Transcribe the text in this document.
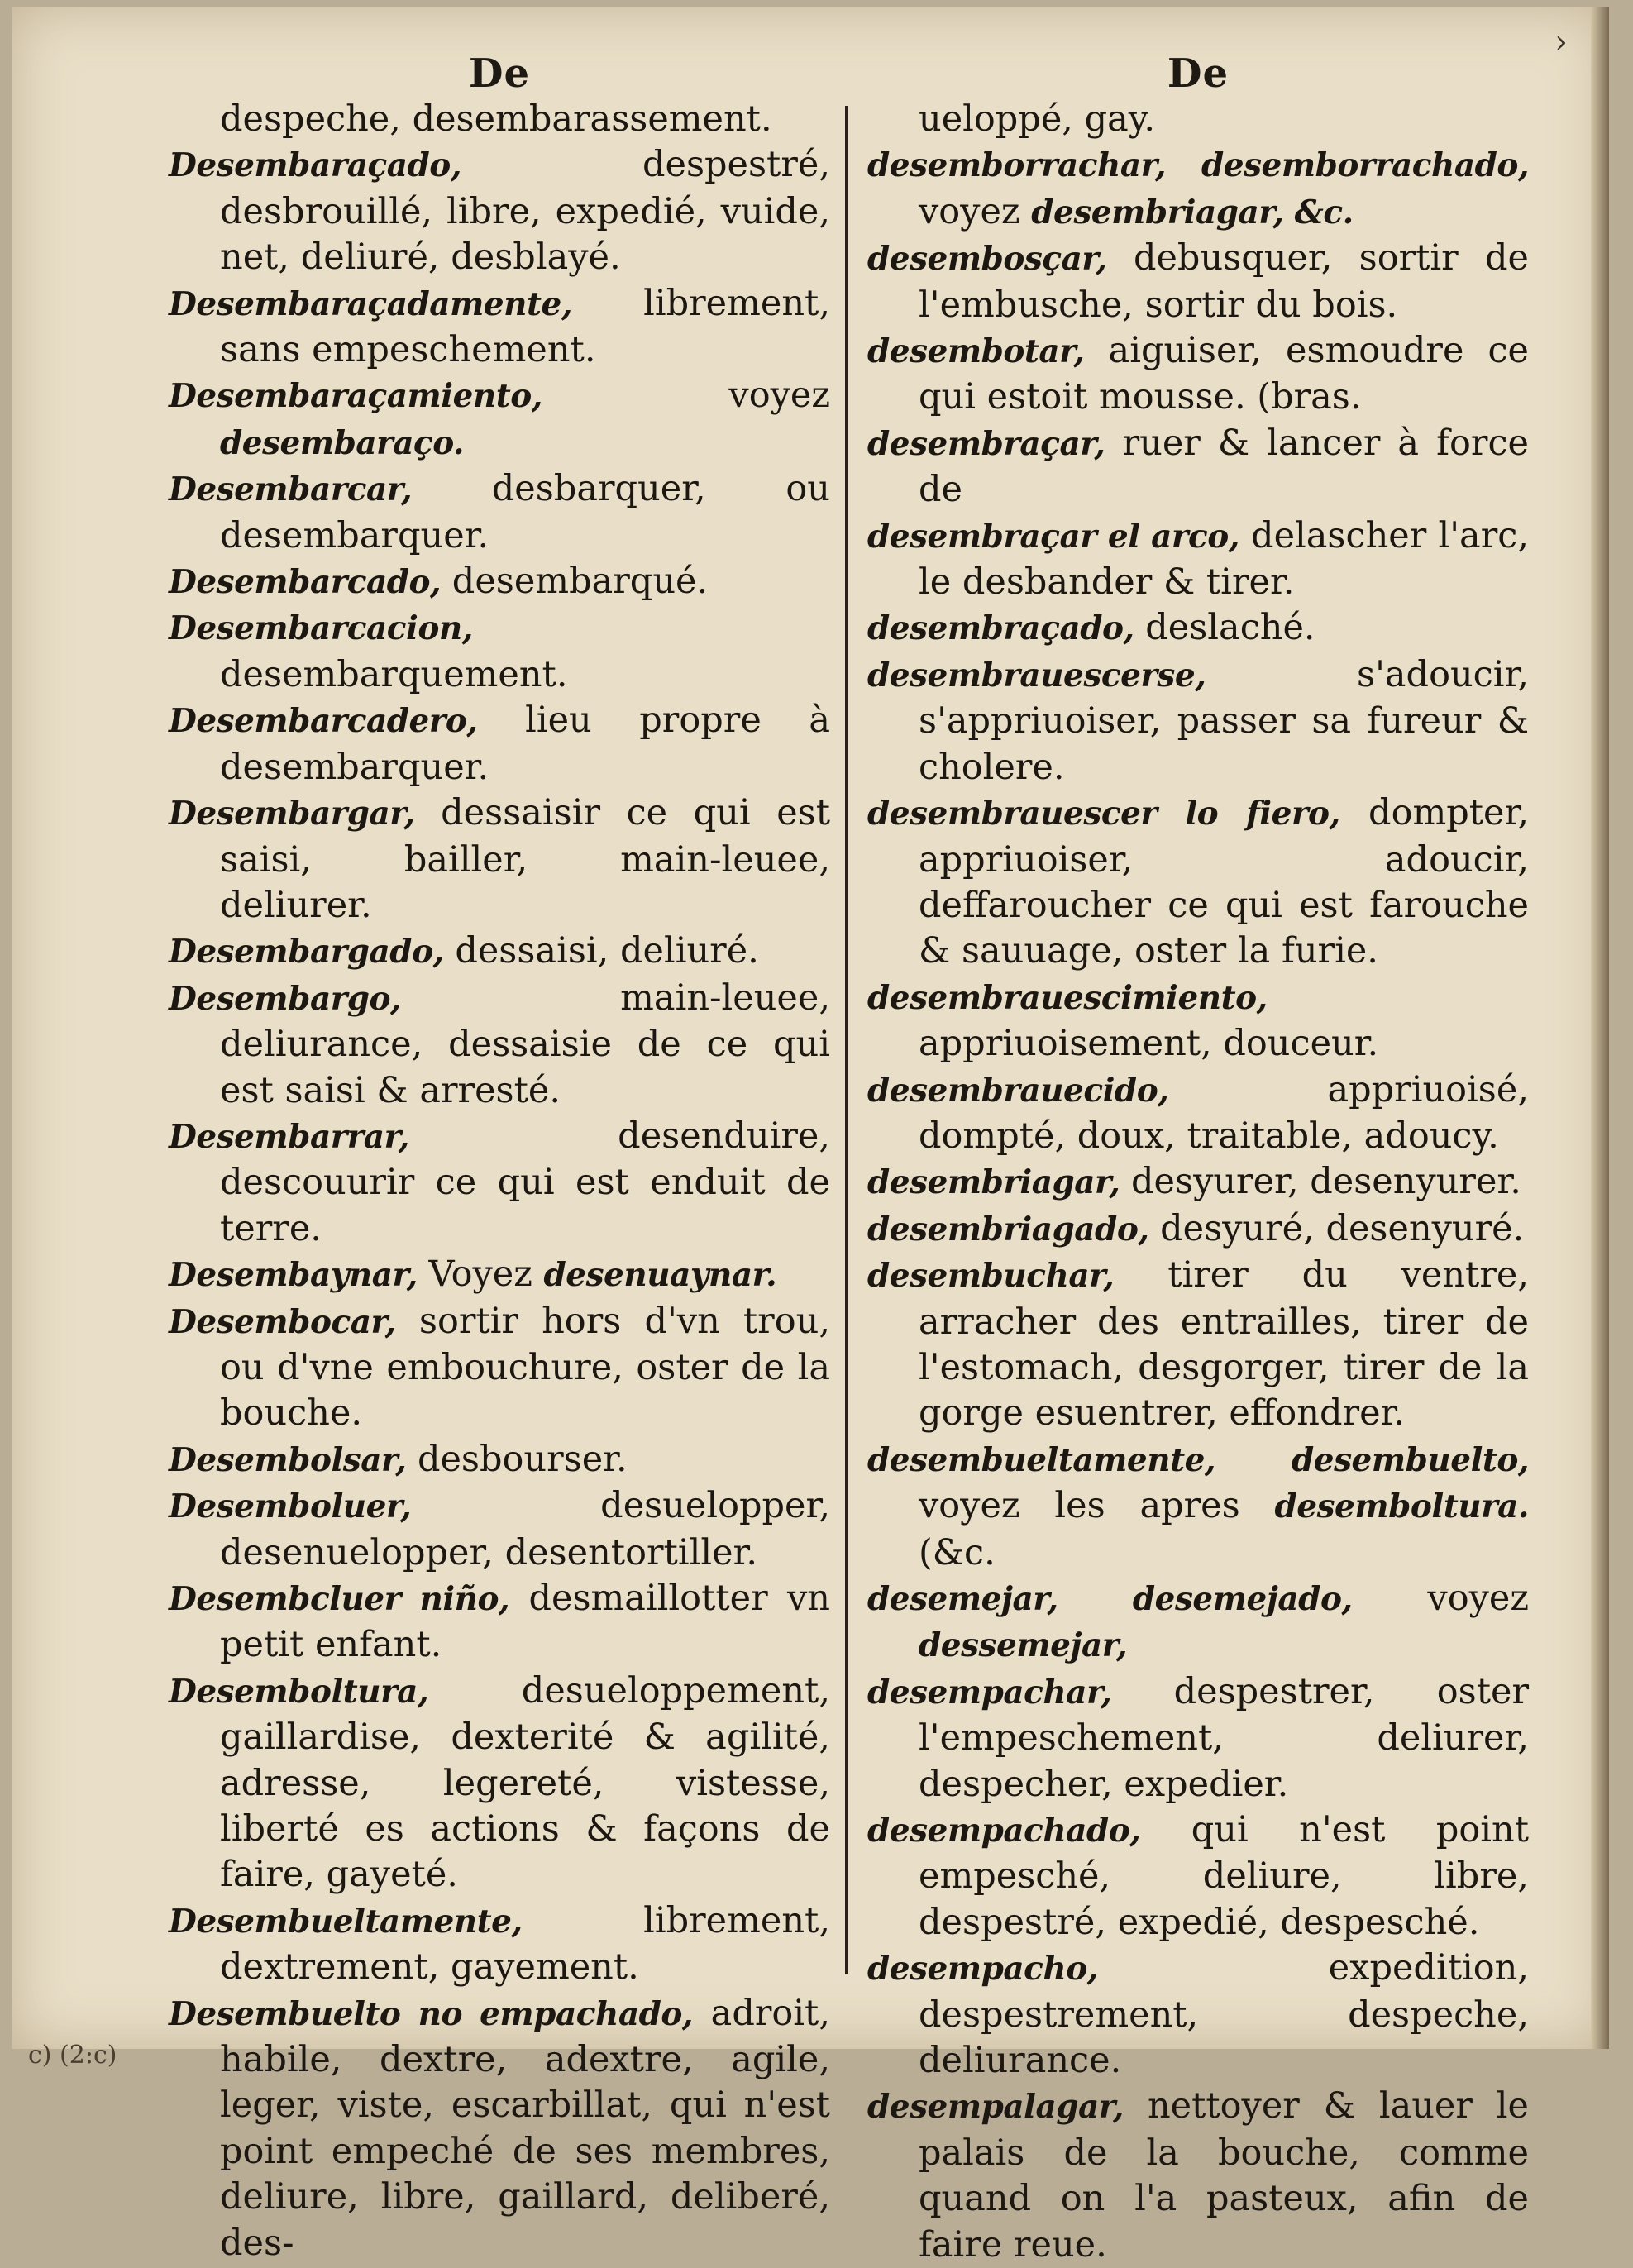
›
De
despeche, desembarassement.
Desembaraçado, despestré, desbrouillé, libre, expedié, vuide, net, deliuré, desblayé.
Desembaraçadamente, librement, sans empeschement.
Desembaraçamiento, voyez desembaraço.
Desembarcar, desbarquer, ou desembarquer.
Desembarcado, desembarqué.
Desembarcacion, desembarquement.
Desembarcadero, lieu propre à desembarquer.
Desembargar, dessaisir ce qui est saisi, bailler, main-leuee, deliurer.
Desembargado, dessaisi, deliuré.
Desembargo, main-leuee, deliurance, dessaisie de ce qui est saisi & arresté.
Desembarrar, desenduire, descouurir ce qui est enduit de terre.
Desembaynar, Voyez desenuaynar.
Desembocar, sortir hors d'vn trou, ou d'vne embouchure, oster de la bouche.
Desembolsar, desbourser.
Desemboluer, desuelopper, desenuelopper, desentortiller.
Desembcluer niño, desmaillotter vn petit enfant.
Desemboltura, desueloppement, gaillardise, dexterité & agilité, adresse, legereté, vistesse, liberté es actions & façons de faire, gayeté.
Desembueltamente, librement, dextrement, gayement.
Desembuelto no empachado, adroit, habile, dextre, adextre, agile, leger, viste, escarbillat, qui n'est point empeché de ses membres, deliure, libre, gaillard, deliberé, des-
De
ueloppé, gay.
desemborrachar, desemborrachado, voyez desembriagar, &c.
desembosçar, debusquer, sortir de l'embusche, sortir du bois.
desembotar, aiguiser, esmoudre ce qui estoit mousse. (bras.
desembraçar, ruer & lancer à force de
desembraçar el arco, delascher l'arc, le desbander & tirer.
desembraçado, deslaché.
desembrauescerse, s'adoucir, s'appriuoiser, passer sa fureur & cholere.
desembrauescer lo fiero, dompter, appriuoiser, adoucir, deffaroucher ce qui est farouche & sauuage, oster la furie.
desembrauescimiento, appriuoisement, douceur.
desembrauecido, appriuoisé, dompté, doux, traitable, adoucy.
desembriagar, desyurer, desenyurer.
desembriagado, desyuré, desenyuré.
desembuchar, tirer du ventre, arracher des entrailles, tirer de l'estomach, desgorger, tirer de la gorge esuentrer, effondrer.
desembueltamente, desembuelto, voyez les apres desemboltura. (&c.
desemejar, desemejado, voyez dessemejar,
desempachar, despestrer, oster l'empeschement, deliurer, despecher, expedier.
desempachado, qui n'est point empesché, deliure, libre, despestré, expedié, despesché.
desempacho, expedition, despestrement, despeche, deliurance.
desempalagar, nettoyer & lauer le palais de la bouche, comme quand on l'a pasteux, afin de faire reue.
c) (2:c)
